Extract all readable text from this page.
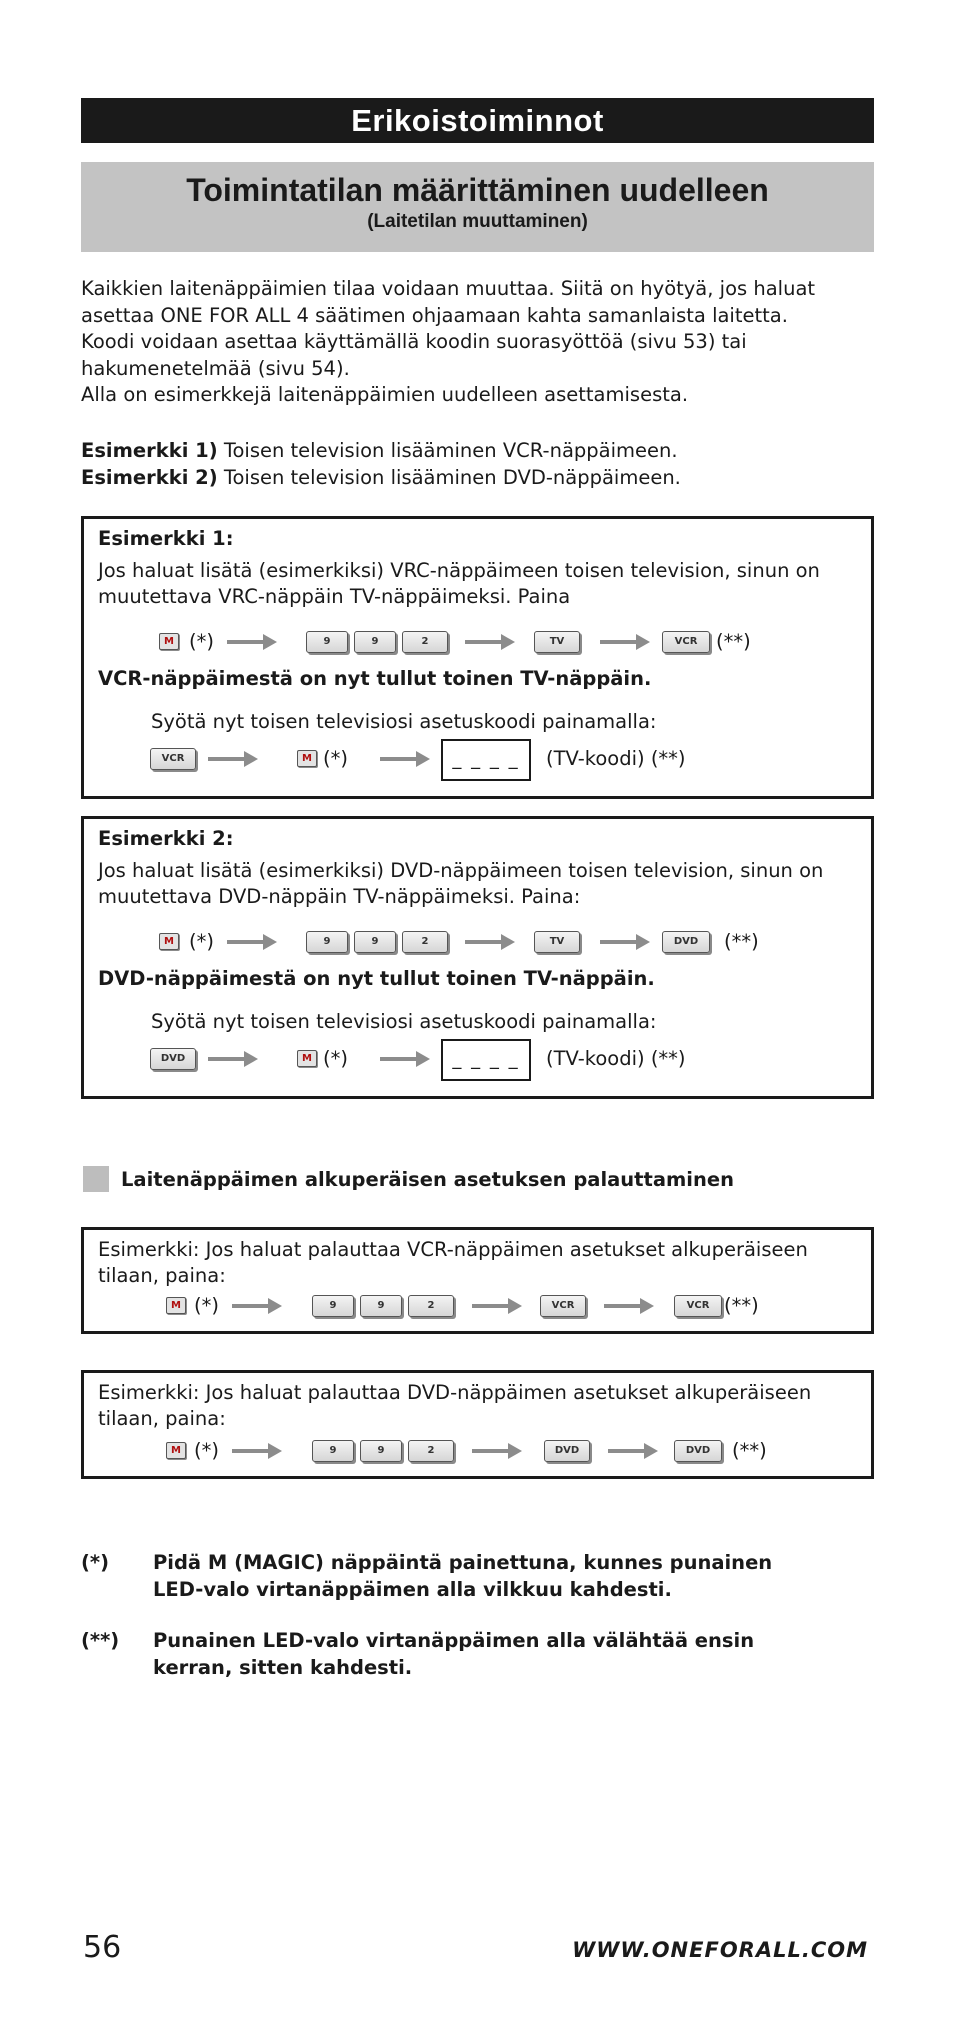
Erikoistoiminnot
Toimintatilan määrittäminen uudelleen
(Laitetilan muuttaminen)

Kaikkien laitenäppäimien tilaa voidaan muuttaa. Siitä on hyötyä, jos haluat

asettaa ONE FOR ALL 4 säätimen ohjaamaan kahta samanlaista laitetta.

Koodi voidaan asettaa käyttämällä koodin suorasyöttöä (sivu 53) tai

hakumenetelmää (sivu 54).

Alla on esimerkkejä laitenäppäimien uudelleen asettamisesta.

Esimerkki 1) Toisen television lisääminen VCR-näppäimeen.

Esimerkki 2) Toisen television lisääminen DVD-näppäimeen.

Esimerkki 1:
Jos haluat lisätä (esimerkiksi) VRC-näppäimeen toisen television, sinun on
muutettava VRC-näppäin TV-näppäimeksi. Paina
M (*)	9	9	2	TV	VCR (**)
VCR-näppäimestä on nyt tullut toinen TV-näppäin.
Syötä nyt toisen televisiosi asetuskoodi painamalla:
VCR	M (*)	_ _ _ _	(TV-koodi) (**)
Esimerkki 2:
Jos haluat lisätä (esimerkiksi) DVD-näppäimeen toisen television, sinun on
muutettava DVD-näppäin TV-näppäimeksi. Paina:
M (*)	9	9	2	TV	DVD	(**)
DVD-näppäimestä on nyt tullut toinen TV-näppäin.
Syötä nyt toisen televisiosi asetuskoodi painamalla:
DVD	M (*)	_ _ _ _	(TV-koodi) (**)
Laitenäppäimen alkuperäisen asetuksen palauttaminen
Esimerkki: Jos haluat palauttaa VCR-näppäimen asetukset alkuperäiseen
tilaan, paina:
M (*)	9	9	2	VCR	VCR (**)
Esimerkki: Jos haluat palauttaa DVD-näppäimen asetukset alkuperäiseen
tilaan, paina:
M (*)	9	9	2	DVD	DVD	(**)
(*) Pidä M (MAGIC) näppäintä painettuna, kunnes punainen
LED-valo virtanäppäimen alla vilkkuu kahdesti.
(**) Punainen LED-valo virtanäppäimen alla välähtää ensin
kerran, sitten kahdesti.
56	WWW.ONEFORALL.COM
